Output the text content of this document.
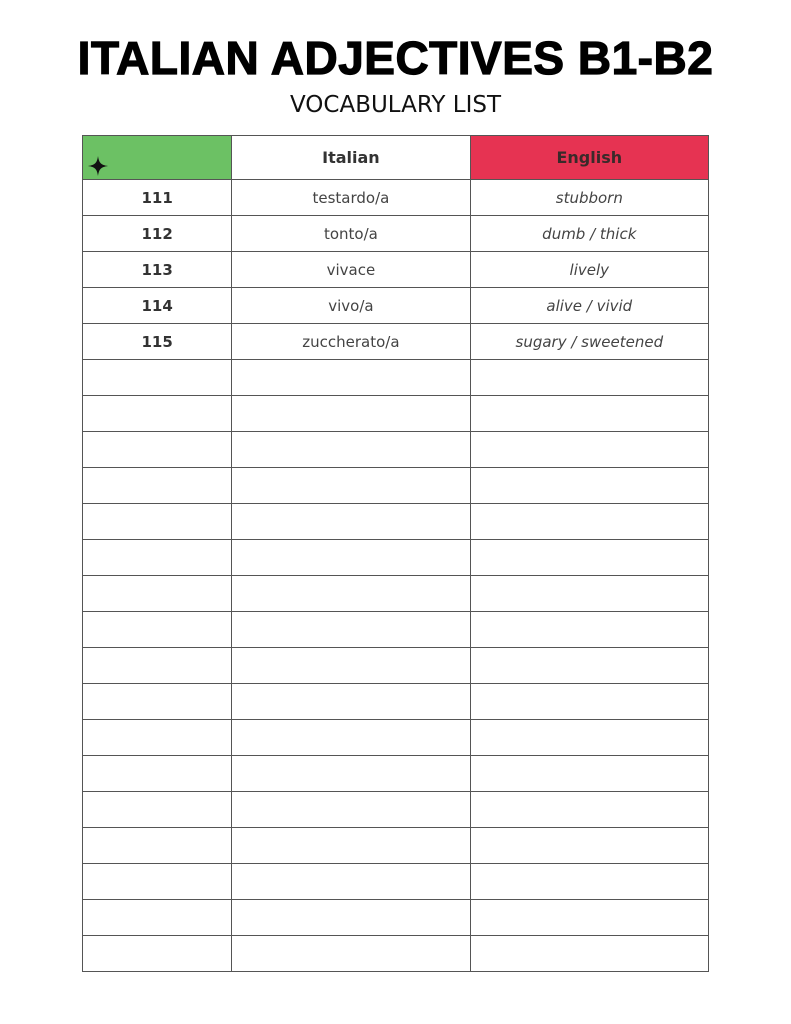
ITALIAN ADJECTIVES B1-B2
VOCABULARY LIST
	Italian	English
111	testardo/a	stubborn
112	tonto/a	dumb / thick
113	vivace	lively
114	vivo/a	alive / vivid
115	zuccherato/a	sugary / sweetened
